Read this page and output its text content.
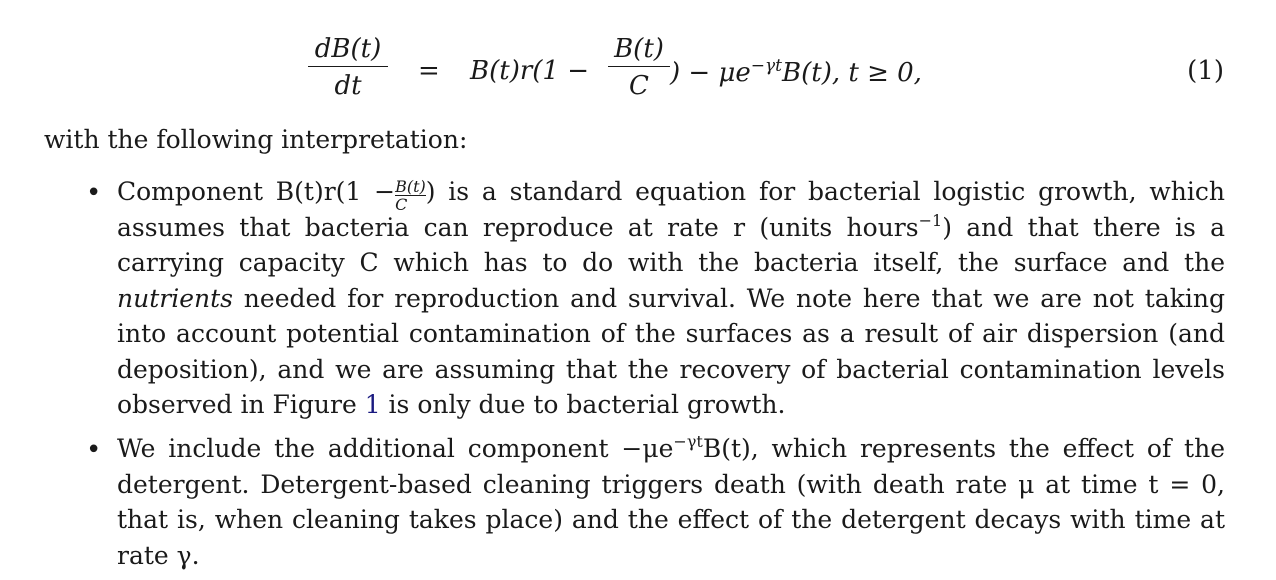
dB(t)
dt	= B(t)r(1 −
B(t)
C ) − $\mu e^{-\gamma t}B(t)$, t ≥ 0,	(1)
with the following interpretation:
• Component $B(t)r(1 - \frac{B(t)}{C}$ ) is a standard equation for bacterial logistic growth, which
assumes that bacteria can reproduce at rate r (units hours$^{-1}$) and that there is a
carrying capacity C which has to do with the bacteria itself, the surface and the
nutrients needed for reproduction and survival. We note here that we are not taking
into account potential contamination of the surfaces as a result of air dispersion (and
deposition), and we are assuming that the recovery of bacterial contamination levels
observed in Figure 1 is only due to bacterial growth.
• We include the additional component $-\mu e^{-\gamma t}B(t)$, which represents the effect of the
detergent. Detergent-based cleaning triggers death (with death rate μ at time t = 0,
that is, when cleaning takes place) and the effect of the detergent decays with time at
rate γ.
